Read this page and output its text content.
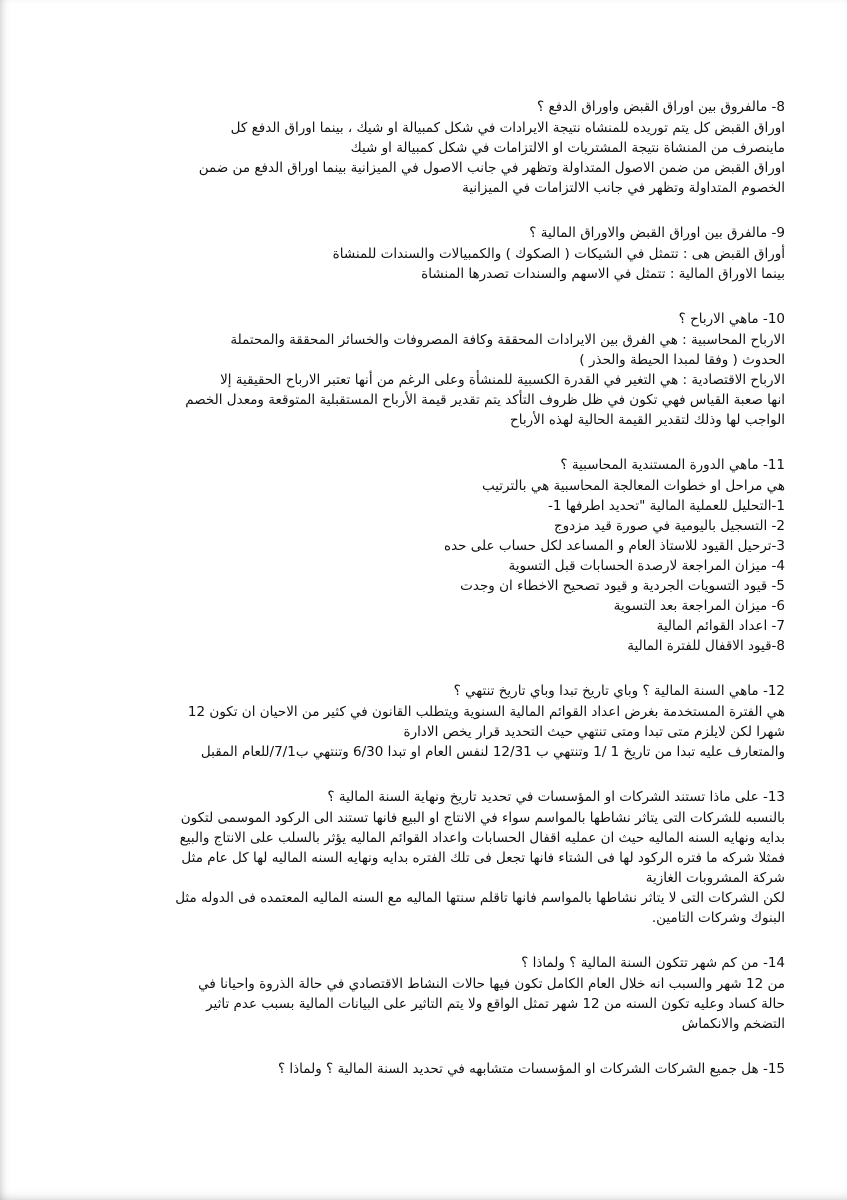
8- مالفروق بين اوراق القبض واوراق الدفع ؟

اوراق القبض كل يتم توريده للمنشاه نتيجة الايرادات في شكل كمبيالة او شيك ، بينما اوراق الدفع كل

ماينصرف من المنشاة نتيجة المشتريات او الالتزامات في شكل كمبيالة او شيك

اوراق القبض من ضمن الاصول المتداولة وتظهر في جانب الاصول في الميزانية بينما اوراق الدفع من ضمن

الخصوم المتداولة وتظهر في جانب الالتزامات في الميزانية

9- مالفرق بين اوراق القبض والاوراق المالية ؟

أوراق القبض هى : تتمثل في الشيكات ( الصكوك ) والكمبيالات والسندات للمنشاة

بينما الاوراق المالية : تتمثل في الاسهم والسندات تصدرها المنشاة

10- ماهي الارباح ؟

الارباح المحاسبية : هي الفرق بين الايرادات المحققة وكافة المصروفات والخسائر المحققة والمحتملة

الحدوث ( وفقا لمبدا الحيطة والحذر )

الارباح الاقتصادية : هي التغير في القدرة الكسبية للمنشأة وعلى الرغم من أنها تعتبر الارباح الحقيقية إلا

انها صعبة القياس فهي تكون في ظل ظروف التأكد يتم تقدير قيمة الأرباح المستقبلية المتوقعة ومعدل الخصم

الواجب لها وذلك لتقدير القيمة الحالية لهذه الأرباح

11- ماهي الدورة المستندية المحاسبية ؟

هي مراحل او خطوات المعالجة المحاسبية هي بالترتيب

1-التحليل للعملية المالية "تحديد اطرفها 1-

2- التسجيل باليومية في صورة قيد مزدوج

3-ترحيل القيود للاستاذ العام و المساعد لكل حساب على حده

4- ميزان المراجعة لارصدة الحسابات قبل التسوية

5- قيود التسويات الجردية و قيود تصحيح الاخطاء ان وجدت

6- ميزان المراجعة بعد التسوية

7- اعداد القوائم المالية

8-قيود الاقفال للفترة المالية

12- ماهي السنة المالية ؟ وباي تاريخ تبدا وباي تاريخ تنتهي ؟

هي الفترة المستخدمة بغرض اعداد القوائم المالية السنوية ويتطلب القانون في كثير من الاحيان ان تكون 12

شهرا لكن لايلزم متى تبدا ومتى تنتهي حيث التحديد قرار يخص الادارة

والمتعارف عليه تبدا من تاريخ 1 /1 وتنتهي ب 12/31 لنفس العام او تبدا 6/30 وتنتهي ب7/1/للعام المقبل

13- على ماذا تستند الشركات او المؤسسات في تحديد تاريخ ونهاية السنة المالية ؟

بالنسبه للشركات التى يتاثر نشاطها بالمواسم سواء في الانتاج او البيع فانها تستند الى الركود الموسمى لتكون

بدايه ونهايه السنه الماليه حيث ان عمليه اقفال الحسابات واعداد القوائم الماليه يؤثر بالسلب على الانتاج والبيع

فمثلا شركه ما فتره الركود لها فى الشتاء فانها تجعل فى تلك الفتره بدايه ونهايه السنه الماليه لها كل عام مثل

شركة المشروبات الغازية

لكن الشركات التى لا يتاثر نشاطها بالمواسم فانها تاقلم سنتها الماليه مع السنه الماليه المعتمده فى الدوله مثل

البنوك وشركات التامين.

14- من كم شهر تتكون السنة المالية ؟ ولماذا ؟

من 12 شهر والسبب انه خلال العام الكامل تكون فيها حالات النشاط الاقتصادي في حالة الذروة واحيانا في

حالة كساد وعليه تكون السنه من 12 شهر تمثل الواقع ولا يتم التاثير على البيانات المالية بسبب عدم تاثير

التضخم والانكماش

15- هل جميع الشركات الشركات او المؤسسات متشابهه في تحديد السنة المالية ؟ ولماذا ؟
